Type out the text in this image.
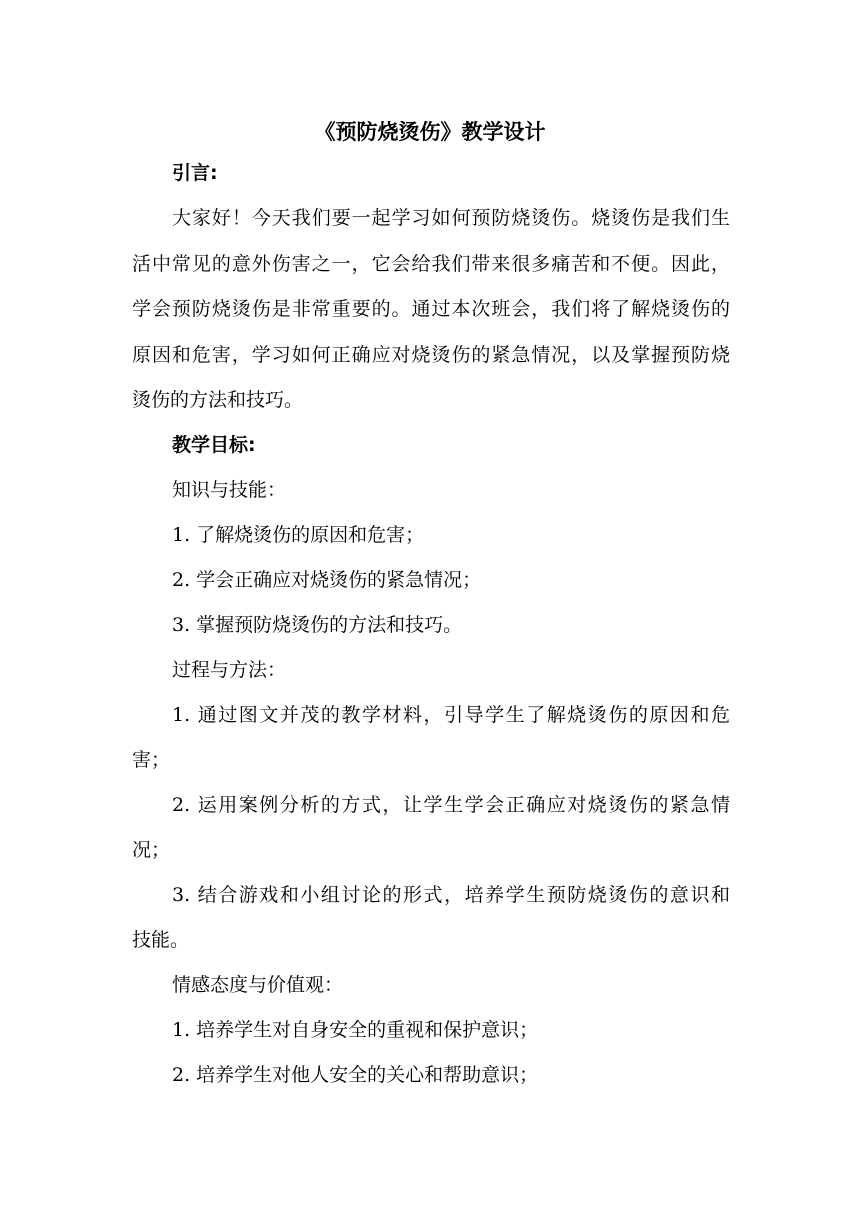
《预防烧烫伤》教学设计

引言:

大家好！今天我们要一起学习如何预防烧烫伤。烧烫伤是我们生

活中常见的意外伤害之一，它会给我们带来很多痛苦和不便。因此，

学会预防烧烫伤是非常重要的。通过本次班会，我们将了解烧烫伤的

原因和危害，学习如何正确应对烧烫伤的紧急情况，以及掌握预防烧

烫伤的方法和技巧。

教学目标:

知识与技能：

1. 了解烧烫伤的原因和危害；

2. 学会正确应对烧烫伤的紧急情况；

3. 掌握预防烧烫伤的方法和技巧。

过程与方法：

1. 通过图文并茂的教学材料，引导学生了解烧烫伤的原因和危

害；

2. 运用案例分析的方式，让学生学会正确应对烧烫伤的紧急情

况；

3. 结合游戏和小组讨论的形式，培养学生预防烧烫伤的意识和

技能。

情感态度与价值观：

1. 培养学生对自身安全的重视和保护意识；

2. 培养学生对他人安全的关心和帮助意识；
